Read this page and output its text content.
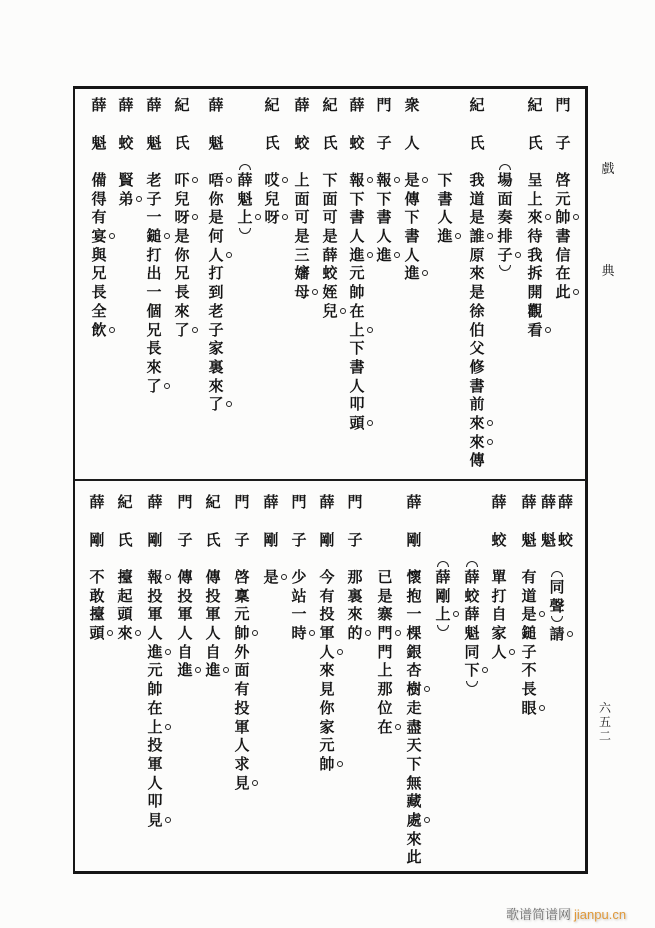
戲
典
門
子
啓
元
帥
書
信
在
此
紀
氏
呈
上
來
待
我
拆
開
觀
看
場
面
奏
排
子
紀
氏
我
道
是
誰
原
來
是
徐
伯
父
修
書
前
來
來
傳
下
書
人
進
衆
人
是
傳
下
書
人
進
門
子
報
下
書
人
進
薛
蛟
報
下
書
人
進
元
帥
在
上
下
書
人
叩
頭
紀
氏
下
面
可
是
薛
蛟
姪
兒
薛
蛟
上
面
可
是
三
嬸
母
紀
氏
哎
兒
呀
薛
魁
上
薛
魁
唔
你
是
何
人
打
到
老
子
家
裏
來
了
紀
氏
吓
兒
呀
是
你
兄
長
來
了
薛
魁
老
子
一
鎚
打
出
一
個
兄
長
來
了
薛
蛟
賢
弟
薛
魁
備
得
有
宴
與
兄
長
全
飲
薛
蛟
薛
魁
同
聲
請
薛
魁
有
道
是
鎚
子
不
長
眼
薛
蛟
單
打
自
家
人
薛
蛟
薛
魁
同
下
薛
剛
上
薛
剛
懷
抱
一
棵
銀
杏
樹
走
盡
天
下
無
藏
處
來
此
已
是
寨
門
門
上
那
位
在
門
子
那
裏
來
的
薛
剛
今
有
投
軍
人
來
見
你
家
元
帥
門
子
少
站
一
時
薛
剛
是
門
子
啓
稟
元
帥
外
面
有
投
軍
人
求
見
紀
氏
傳
投
軍
人
自
進
門
子
傳
投
軍
人
自
進
薛
剛
報
投
軍
人
進
元
帥
在
上
投
軍
人
叩
見
紀
氏
擡
起
頭
來
薛
剛
不
敢
擡
頭
六
五
二
歌谱简谱网 jianpu.cn
